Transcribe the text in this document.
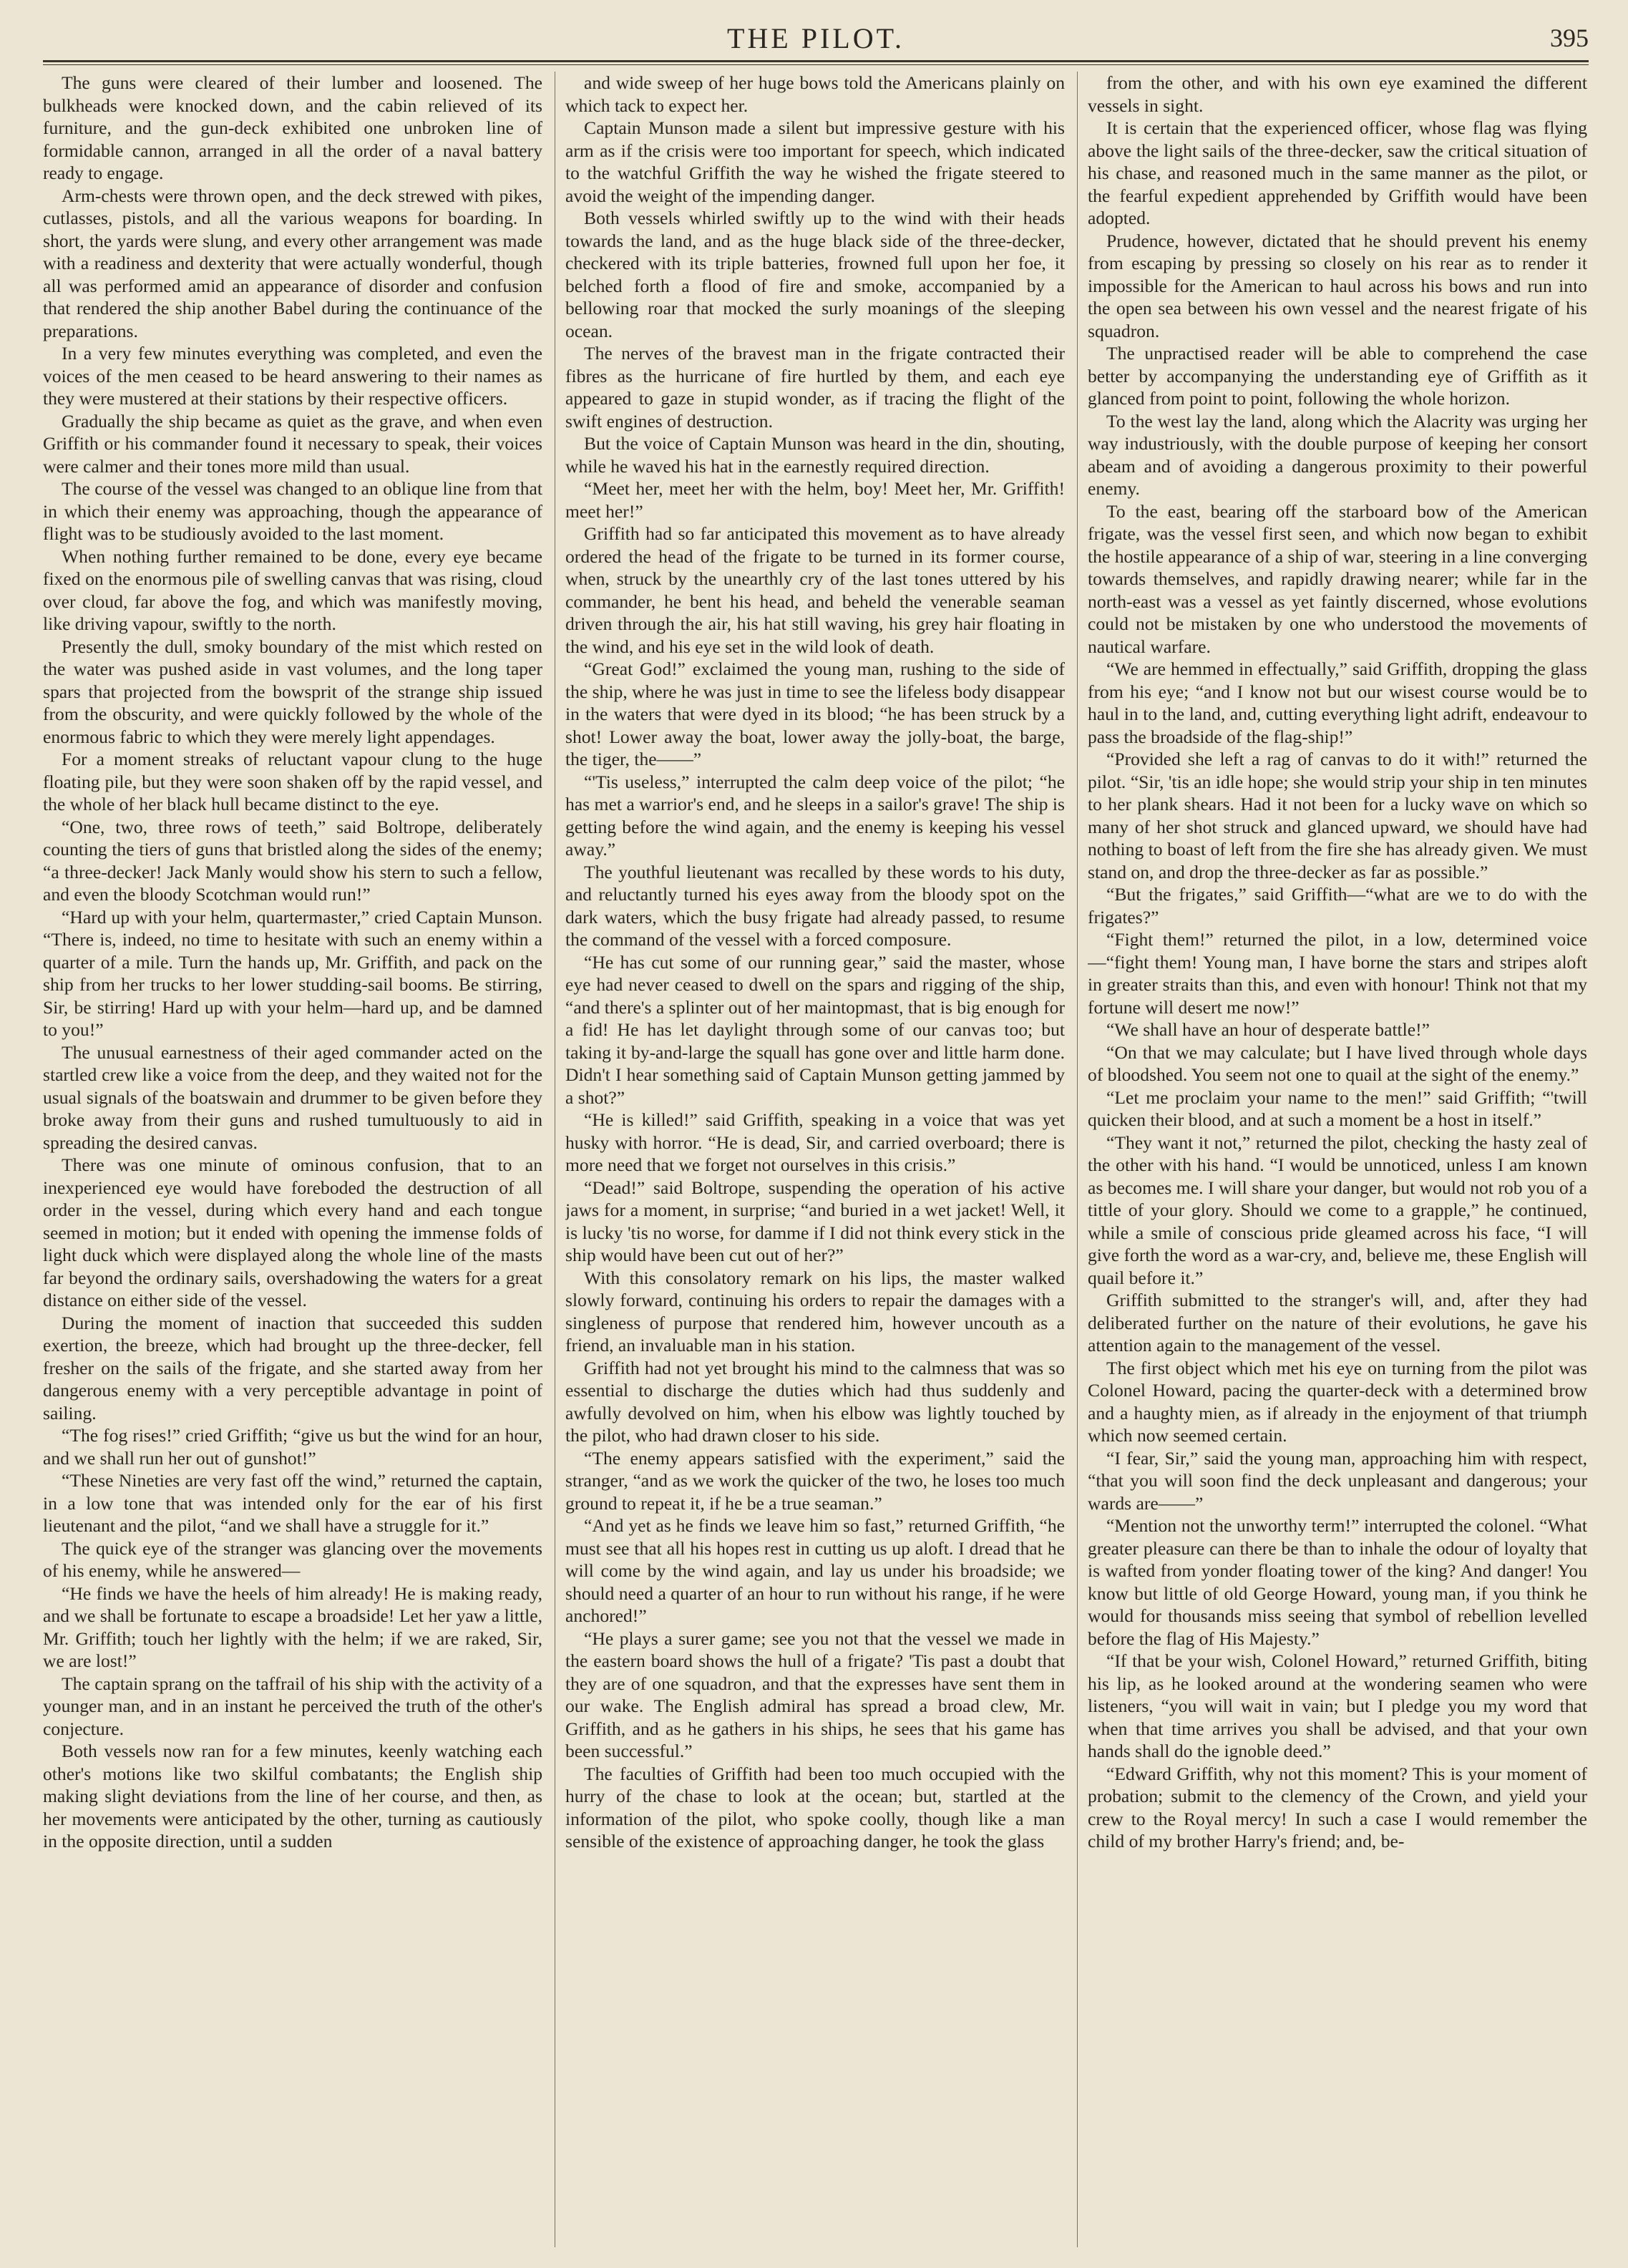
THE PILOT.	395

The guns were cleared of their lumber and loosened. The bulkheads were knocked down, and the cabin relieved of its furniture, and the gun-deck exhibited one unbroken line of formidable cannon, arranged in all the order of a naval battery ready to engage.

Arm-chests were thrown open, and the deck strewed with pikes, cutlasses, pistols, and all the various weapons for boarding. In short, the yards were slung, and every other arrangement was made with a readiness and dexterity that were actually wonderful, though all was performed amid an appearance of disorder and confusion that rendered the ship another Babel during the continuance of the preparations.

In a very few minutes everything was completed, and even the voices of the men ceased to be heard answering to their names as they were mustered at their stations by their respective officers.

Gradually the ship became as quiet as the grave, and when even Griffith or his commander found it necessary to speak, their voices were calmer and their tones more mild than usual.

The course of the vessel was changed to an oblique line from that in which their enemy was approaching, though the appearance of flight was to be studiously avoided to the last moment.

When nothing further remained to be done, every eye became fixed on the enormous pile of swelling canvas that was rising, cloud over cloud, far above the fog, and which was manifestly moving, like driving vapour, swiftly to the north.

Presently the dull, smoky boundary of the mist which rested on the water was pushed aside in vast volumes, and the long taper spars that projected from the bowsprit of the strange ship issued from the obscurity, and were quickly followed by the whole of the enormous fabric to which they were merely light appendages.

For a moment streaks of reluctant vapour clung to the huge floating pile, but they were soon shaken off by the rapid vessel, and the whole of her black hull became distinct to the eye.

“One, two, three rows of teeth,” said Boltrope, deliberately counting the tiers of guns that bristled along the sides of the enemy; “a three-decker! Jack Manly would show his stern to such a fellow, and even the bloody Scotchman would run!”

“Hard up with your helm, quartermaster,” cried Captain Munson. “There is, indeed, no time to hesitate with such an enemy within a quarter of a mile. Turn the hands up, Mr. Griffith, and pack on the ship from her trucks to her lower studding-sail booms. Be stirring, Sir, be stirring! Hard up with your helm—hard up, and be damned to you!”

The unusual earnestness of their aged commander acted on the startled crew like a voice from the deep, and they waited not for the usual signals of the boatswain and drummer to be given before they broke away from their guns and rushed tumultuously to aid in spreading the desired canvas.

There was one minute of ominous confusion, that to an inexperienced eye would have foreboded the destruction of all order in the vessel, during which every hand and each tongue seemed in motion; but it ended with opening the immense folds of light duck which were displayed along the whole line of the masts far beyond the ordinary sails, overshadowing the waters for a great distance on either side of the vessel.

During the moment of inaction that succeeded this sudden exertion, the breeze, which had brought up the three-decker, fell fresher on the sails of the frigate, and she started away from her dangerous enemy with a very perceptible advantage in point of sailing.

“The fog rises!” cried Griffith; “give us but the wind for an hour, and we shall run her out of gunshot!”

“These Nineties are very fast off the wind,” returned the captain, in a low tone that was intended only for the ear of his first lieutenant and the pilot, “and we shall have a struggle for it.”

The quick eye of the stranger was glancing over the movements of his enemy, while he answered—

“He finds we have the heels of him already! He is making ready, and we shall be fortunate to escape a broadside! Let her yaw a little, Mr. Griffith; touch her lightly with the helm; if we are raked, Sir, we are lost!”

The captain sprang on the taffrail of his ship with the activity of a younger man, and in an instant he perceived the truth of the other's conjecture.

Both vessels now ran for a few minutes, keenly watching each other's motions like two skilful combatants; the English ship making slight deviations from the line of her course, and then, as her movements were anticipated by the other, turning as cautiously in the opposite direction, until a sudden

and wide sweep of her huge bows told the Americans plainly on which tack to expect her.

Captain Munson made a silent but impressive gesture with his arm as if the crisis were too important for speech, which indicated to the watchful Griffith the way he wished the frigate steered to avoid the weight of the impending danger.

Both vessels whirled swiftly up to the wind with their heads towards the land, and as the huge black side of the three-decker, checkered with its triple batteries, frowned full upon her foe, it belched forth a flood of fire and smoke, accompanied by a bellowing roar that mocked the surly moanings of the sleeping ocean.

The nerves of the bravest man in the frigate contracted their fibres as the hurricane of fire hurtled by them, and each eye appeared to gaze in stupid wonder, as if tracing the flight of the swift engines of destruction.

But the voice of Captain Munson was heard in the din, shouting, while he waved his hat in the earnestly required direction.

“Meet her, meet her with the helm, boy! Meet her, Mr. Griffith! meet her!”

Griffith had so far anticipated this movement as to have already ordered the head of the frigate to be turned in its former course, when, struck by the unearthly cry of the last tones uttered by his commander, he bent his head, and beheld the venerable seaman driven through the air, his hat still waving, his grey hair floating in the wind, and his eye set in the wild look of death.

“Great God!” exclaimed the young man, rushing to the side of the ship, where he was just in time to see the lifeless body disappear in the waters that were dyed in its blood; “he has been struck by a shot! Lower away the boat, lower away the jolly-boat, the barge, the tiger, the——”

“'Tis useless,” interrupted the calm deep voice of the pilot; “he has met a warrior's end, and he sleeps in a sailor's grave! The ship is getting before the wind again, and the enemy is keeping his vessel away.”

The youthful lieutenant was recalled by these words to his duty, and reluctantly turned his eyes away from the bloody spot on the dark waters, which the busy frigate had already passed, to resume the command of the vessel with a forced composure.

“He has cut some of our running gear,” said the master, whose eye had never ceased to dwell on the spars and rigging of the ship, “and there's a splinter out of her maintopmast, that is big enough for a fid! He has let daylight through some of our canvas too; but taking it by-and-large the squall has gone over and little harm done. Didn't I hear something said of Captain Munson getting jammed by a shot?”

“He is killed!” said Griffith, speaking in a voice that was yet husky with horror. “He is dead, Sir, and carried overboard; there is more need that we forget not ourselves in this crisis.”

“Dead!” said Boltrope, suspending the operation of his active jaws for a moment, in surprise; “and buried in a wet jacket! Well, it is lucky 'tis no worse, for damme if I did not think every stick in the ship would have been cut out of her?”

With this consolatory remark on his lips, the master walked slowly forward, continuing his orders to repair the damages with a singleness of purpose that rendered him, however uncouth as a friend, an invaluable man in his station.

Griffith had not yet brought his mind to the calmness that was so essential to discharge the duties which had thus suddenly and awfully devolved on him, when his elbow was lightly touched by the pilot, who had drawn closer to his side.

“The enemy appears satisfied with the experiment,” said the stranger, “and as we work the quicker of the two, he loses too much ground to repeat it, if he be a true seaman.”

“And yet as he finds we leave him so fast,” returned Griffith, “he must see that all his hopes rest in cutting us up aloft. I dread that he will come by the wind again, and lay us under his broadside; we should need a quarter of an hour to run without his range, if he were anchored!”

“He plays a surer game; see you not that the vessel we made in the eastern board shows the hull of a frigate? 'Tis past a doubt that they are of one squadron, and that the expresses have sent them in our wake. The English admiral has spread a broad clew, Mr. Griffith, and as he gathers in his ships, he sees that his game has been successful.”

The faculties of Griffith had been too much occupied with the hurry of the chase to look at the ocean; but, startled at the information of the pilot, who spoke coolly, though like a man sensible of the existence of approaching danger, he took the glass

from the other, and with his own eye examined the different vessels in sight.

It is certain that the experienced officer, whose flag was flying above the light sails of the three-decker, saw the critical situation of his chase, and reasoned much in the same manner as the pilot, or the fearful expedient apprehended by Griffith would have been adopted.

Prudence, however, dictated that he should prevent his enemy from escaping by pressing so closely on his rear as to render it impossible for the American to haul across his bows and run into the open sea between his own vessel and the nearest frigate of his squadron.

The unpractised reader will be able to comprehend the case better by accompanying the understanding eye of Griffith as it glanced from point to point, following the whole horizon.

To the west lay the land, along which the Alacrity was urging her way industriously, with the double purpose of keeping her consort abeam and of avoiding a dangerous proximity to their powerful enemy.

To the east, bearing off the starboard bow of the American frigate, was the vessel first seen, and which now began to exhibit the hostile appearance of a ship of war, steering in a line converging towards themselves, and rapidly drawing nearer; while far in the north-east was a vessel as yet faintly discerned, whose evolutions could not be mistaken by one who understood the movements of nautical warfare.

“We are hemmed in effectually,” said Griffith, dropping the glass from his eye; “and I know not but our wisest course would be to haul in to the land, and, cutting everything light adrift, endeavour to pass the broadside of the flag-ship!”

“Provided she left a rag of canvas to do it with!” returned the pilot. “Sir, 'tis an idle hope; she would strip your ship in ten minutes to her plank shears. Had it not been for a lucky wave on which so many of her shot struck and glanced upward, we should have had nothing to boast of left from the fire she has already given. We must stand on, and drop the three-decker as far as possible.”

“But the frigates,” said Griffith—“what are we to do with the frigates?”

“Fight them!” returned the pilot, in a low, determined voice—“fight them! Young man, I have borne the stars and stripes aloft in greater straits than this, and even with honour! Think not that my fortune will desert me now!”

“We shall have an hour of desperate battle!”

“On that we may calculate; but I have lived through whole days of bloodshed. You seem not one to quail at the sight of the enemy.”

“Let me proclaim your name to the men!” said Griffith; “'twill quicken their blood, and at such a moment be a host in itself.”

“They want it not,” returned the pilot, checking the hasty zeal of the other with his hand. “I would be unnoticed, unless I am known as becomes me. I will share your danger, but would not rob you of a tittle of your glory. Should we come to a grapple,” he continued, while a smile of conscious pride gleamed across his face, “I will give forth the word as a war-cry, and, believe me, these English will quail before it.”

Griffith submitted to the stranger's will, and, after they had deliberated further on the nature of their evolutions, he gave his attention again to the management of the vessel.

The first object which met his eye on turning from the pilot was Colonel Howard, pacing the quarter-deck with a determined brow and a haughty mien, as if already in the enjoyment of that triumph which now seemed certain.

“I fear, Sir,” said the young man, approaching him with respect, “that you will soon find the deck unpleasant and dangerous; your wards are——”

“Mention not the unworthy term!” interrupted the colonel. “What greater pleasure can there be than to inhale the odour of loyalty that is wafted from yonder floating tower of the king? And danger! You know but little of old George Howard, young man, if you think he would for thousands miss seeing that symbol of rebellion levelled before the flag of His Majesty.”

“If that be your wish, Colonel Howard,” returned Griffith, biting his lip, as he looked around at the wondering seamen who were listeners, “you will wait in vain; but I pledge you my word that when that time arrives you shall be advised, and that your own hands shall do the ignoble deed.”

“Edward Griffith, why not this moment? This is your moment of probation; submit to the clemency of the Crown, and yield your crew to the Royal mercy! In such a case I would remember the child of my brother Harry's friend; and, be-
